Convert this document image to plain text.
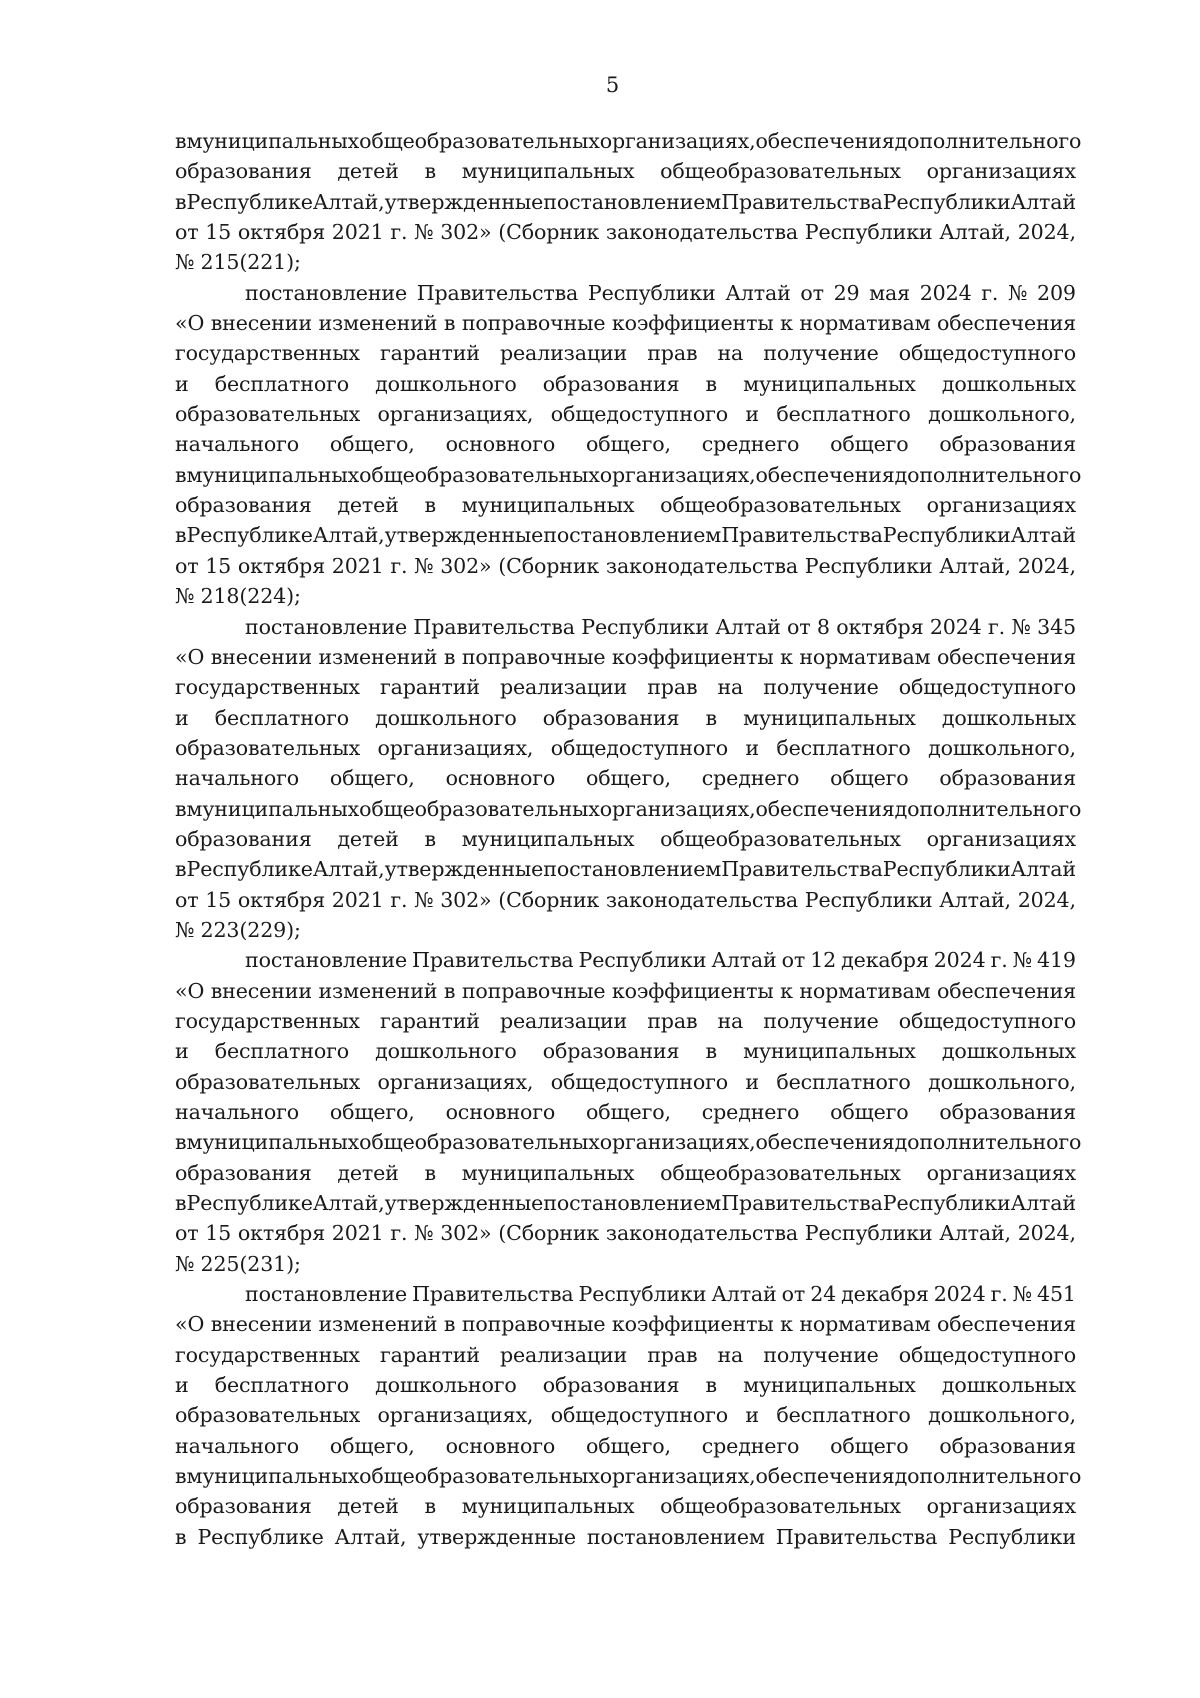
5
в муниципальных общеобразовательных организациях, обеспечения дополнительного
образования детей в муниципальных общеобразовательных организациях
в Республике Алтай, утвержденные постановлением Правительства Республики Алтай
от 15 октября 2021 г. № 302» (Сборник законодательства Республики Алтай, 2024,
№ 215(221);
постановление Правительства Республики Алтай от 29 мая 2024 г. № 209
«О внесении изменений в поправочные коэффициенты к нормативам обеспечения
государственных гарантий реализации прав на получение общедоступного
и бесплатного дошкольного образования в муниципальных дошкольных
образовательных организациях, общедоступного и бесплатного дошкольного,
начального общего, основного общего, среднего общего образования
в муниципальных общеобразовательных организациях, обеспечения дополнительного
образования детей в муниципальных общеобразовательных организациях
в Республике Алтай, утвержденные постановлением Правительства Республики Алтай
от 15 октября 2021 г. № 302» (Сборник законодательства Республики Алтай, 2024,
№ 218(224);
постановление Правительства Республики Алтай от 8 октября 2024 г. № 345
«О внесении изменений в поправочные коэффициенты к нормативам обеспечения
государственных гарантий реализации прав на получение общедоступного
и бесплатного дошкольного образования в муниципальных дошкольных
образовательных организациях, общедоступного и бесплатного дошкольного,
начального общего, основного общего, среднего общего образования
в муниципальных общеобразовательных организациях, обеспечения дополнительного
образования детей в муниципальных общеобразовательных организациях
в Республике Алтай, утвержденные постановлением Правительства Республики Алтай
от 15 октября 2021 г. № 302» (Сборник законодательства Республики Алтай, 2024,
№ 223(229);
постановление Правительства Республики Алтай от 12 декабря 2024 г. № 419
«О внесении изменений в поправочные коэффициенты к нормативам обеспечения
государственных гарантий реализации прав на получение общедоступного
и бесплатного дошкольного образования в муниципальных дошкольных
образовательных организациях, общедоступного и бесплатного дошкольного,
начального общего, основного общего, среднего общего образования
в муниципальных общеобразовательных организациях, обеспечения дополнительного
образования детей в муниципальных общеобразовательных организациях
в Республике Алтай, утвержденные постановлением Правительства Республики Алтай
от 15 октября 2021 г. № 302» (Сборник законодательства Республики Алтай, 2024,
№ 225(231);
постановление Правительства Республики Алтай от 24 декабря 2024 г. № 451
«О внесении изменений в поправочные коэффициенты к нормативам обеспечения
государственных гарантий реализации прав на получение общедоступного
и бесплатного дошкольного образования в муниципальных дошкольных
образовательных организациях, общедоступного и бесплатного дошкольного,
начального общего, основного общего, среднего общего образования
в муниципальных общеобразовательных организациях, обеспечения дополнительного
образования детей в муниципальных общеобразовательных организациях
в Республике Алтай, утвержденные постановлением Правительства Республики
